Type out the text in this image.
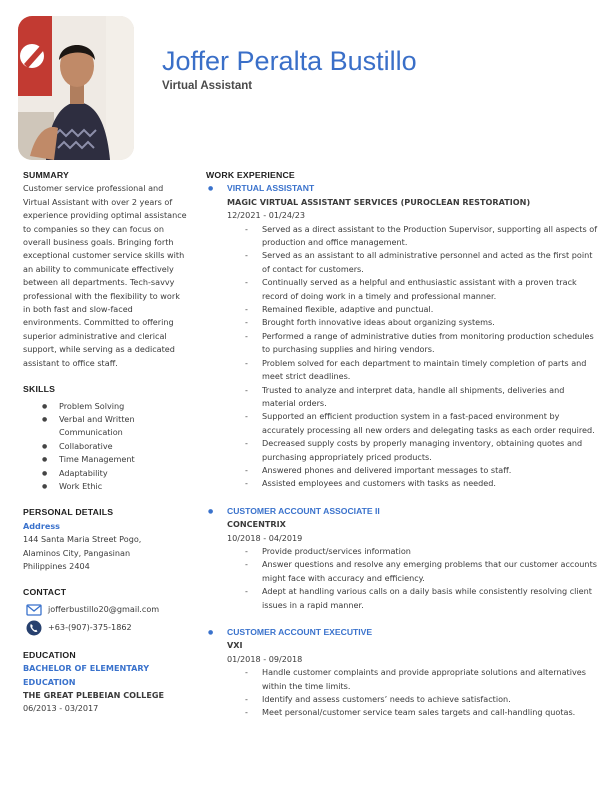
Joffer Peralta Bustillo
Virtual Assistant
SUMMARY
Customer service professional and Virtual Assistant with over 2 years of experience providing optimal assistance to companies so they can focus on overall business goals. Bringing forth exceptional customer service skills with an ability to communicate effectively between all departments. Tech-savvy professional with the flexibility to work in both fast and slow-faced environments. Committed to offering superior administrative and clerical support, while serving as a dedicated assistant to office staff.
SKILLS
● Problem Solving
● Verbal and Written Communication
● Collaborative
● Time Management
● Adaptability
● Work Ethic
PERSONAL DETAILS
Address
144 Santa Maria Street Pogo,
Alaminos City, Pangasinan
Philippines 2404
CONTACT
jofferbustillo20@gmail.com
+63-(907)-375-1862
EDUCATION
BACHELOR OF ELEMENTARY EDUCATION
THE GREAT PLEBEIAN COLLEGE
06/2013 - 03/2017
WORK EXPERIENCE
● VIRTUAL ASSISTANT
MAGIC VIRTUAL ASSISTANT SERVICES (PUROCLEAN RESTORATION)
12/2021 - 01/24/23
- Served as a direct assistant to the Production Supervisor, supporting all aspects of production and office management.
- Served as an assistant to all administrative personnel and acted as the first point of contact for customers.
- Continually served as a helpful and enthusiastic assistant with a proven track record of doing work in a timely and professional manner.
- Remained flexible, adaptive and punctual.
- Brought forth innovative ideas about organizing systems.
- Performed a range of administrative duties from monitoring production schedules to purchasing supplies and hiring vendors.
- Problem solved for each department to maintain timely completion of parts and meet strict deadlines.
- Trusted to analyze and interpret data, handle all shipments, deliveries and material orders.
- Supported an efficient production system in a fast-paced environment by accurately processing all new orders and delegating tasks as each order required.
- Decreased supply costs by properly managing inventory, obtaining quotes and purchasing appropriately priced products.
- Answered phones and delivered important messages to staff.
- Assisted employees and customers with tasks as needed.
● CUSTOMER ACCOUNT ASSOCIATE II
CONCENTRIX
10/2018 - 04/2019
- Provide product/services information
- Answer questions and resolve any emerging problems that our customer accounts might face with accuracy and efficiency.
- Adept at handling various calls on a daily basis while consistently resolving client issues in a rapid manner.
● CUSTOMER ACCOUNT EXECUTIVE
VXI
01/2018 - 09/2018
- Handle customer complaints and provide appropriate solutions and alternatives within the time limits.
- Identify and assess customers’ needs to achieve satisfaction.
- Meet personal/customer service team sales targets and call-handling quotas.
